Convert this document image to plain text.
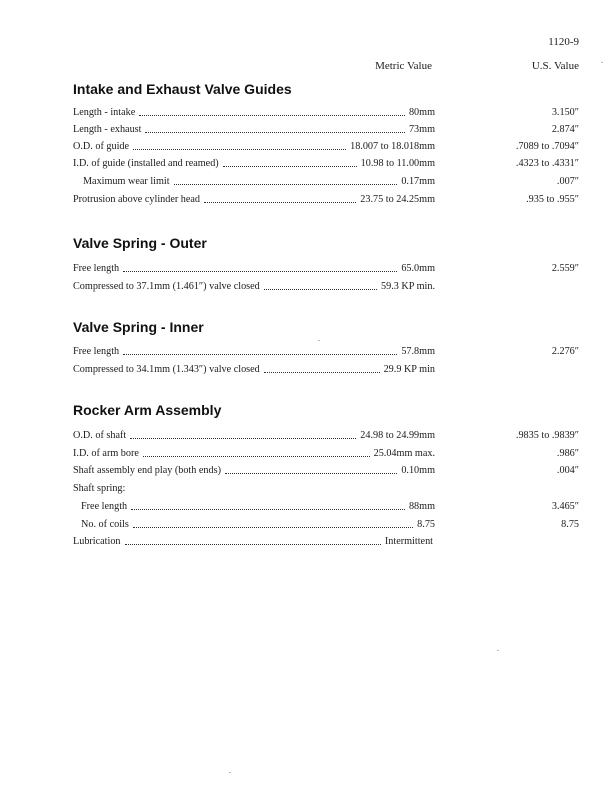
1120-9
Metric Value	U.S. Value
Intake and Exhaust Valve Guides
Length - intake	80mm	3.150″
Length - exhaust	73mm	2.874″
O.D. of guide	18.007 to 18.018mm	.7089 to .7094″
I.D. of guide (installed and reamed)	10.98 to 11.00mm	.4323 to .4331″
Maximum wear limit	0.17mm	.007″
Protrusion above cylinder head	23.75 to 24.25mm	.935 to .955″
Valve Spring - Outer
Free length	65.0mm	2.559″
Compressed to 37.1mm (1.461″) valve closed	59.3 KP min.
Valve Spring - Inner
Free length	57.8mm	2.276″
Compressed to 34.1mm (1.343″) valve closed	29.9 KP min
Rocker Arm Assembly
O.D. of shaft	24.98 to 24.99mm	.9835 to .9839″
I.D. of arm bore	25.04mm max.	.986″
Shaft assembly end play (both ends)	0.10mm	.004″
Shaft spring:
Free length	88mm	3.465″
No. of coils	8.75	8.75
Lubrication	Intermittent
